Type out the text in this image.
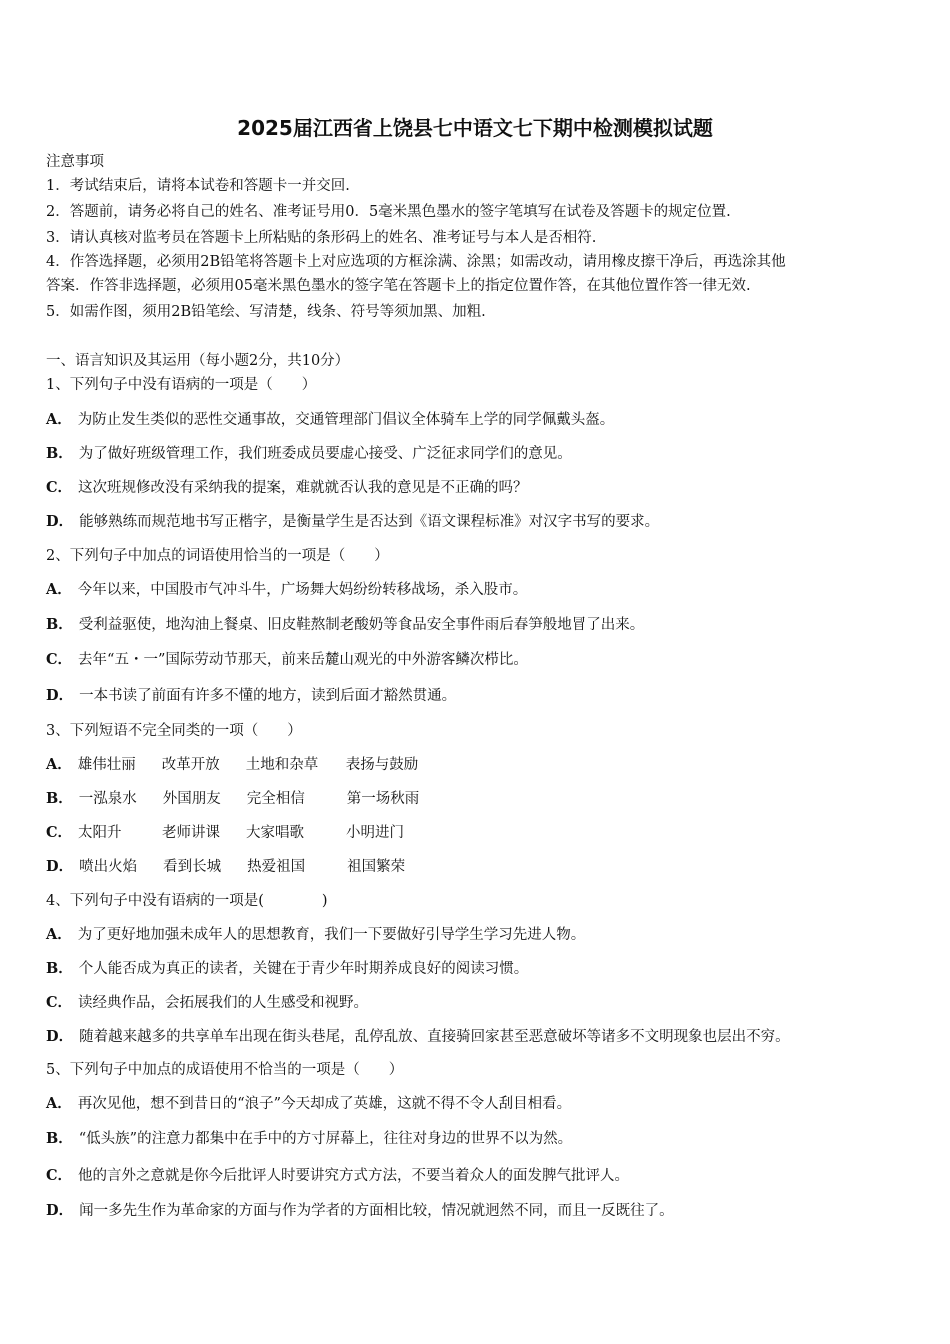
2025届江西省上饶县七中语文七下期中检测模拟试题
注意事项
1．考试结束后，请将本试卷和答题卡一并交回.
2．答题前，请务必将自己的姓名、准考证号用0．5毫米黑色墨水的签字笔填写在试卷及答题卡的规定位置.
3．请认真核对监考员在答题卡上所粘贴的条形码上的姓名、准考证号与本人是否相符.
4．作答选择题，必须用2B铅笔将答题卡上对应选项的方框涂满、涂黑；如需改动，请用橡皮擦干净后，再选涂其他
答案．作答非选择题，必须用05毫米黑色墨水的签字笔在答题卡上的指定位置作答，在其他位置作答一律无效.
5．如需作图，须用2B铅笔绘、写清楚，线条、符号等须加黑、加粗.
一、语言知识及其运用（每小题2分，共10分）
1、下列句子中没有语病的一项是（　　）
A． 为防止发生类似的恶性交通事故，交通管理部门倡议全体骑车上学的同学佩戴头盔。
B． 为了做好班级管理工作，我们班委成员要虚心接受、广泛征求同学们的意见。
C． 这次班规修改没有采纳我的提案，难就就否认我的意见是不正确的吗？
D． 能够熟练而规范地书写正楷字，是衡量学生是否达到《语文课程标准》对汉字书写的要求。
2、下列句子中加点的词语使用恰当的一项是（　　）
A． 今年以来，中国股市气冲斗牛，广场舞大妈纷纷转移战场，杀入股市。
B． 受利益驱使，地沟油上餐桌、旧皮鞋熬制老酸奶等食品安全事件雨后春笋般地冒了出来。
C． 去年“五・一”国际劳动节那天，前来岳麓山观光的中外游客鳞次栉比。
D． 一本书读了前面有许多不懂的地方，读到后面才豁然贯通。
3、下列短语不完全同类的一项（　　）
A． 雄伟壮丽 改革开放 土地和杂草 表扬与鼓励
B． 一泓泉水 外国朋友 完全相信	第一场秋雨
C． 太阳升	老师讲课 大家唱歌	小明进门
D． 喷出火焰 看到长城 热爱祖国	祖国繁荣
4、下列句子中没有语病的一项是(　　　　)
A． 为了更好地加强未成年人的思想教育，我们一下要做好引导学生学习先进人物。
B． 个人能否成为真正的读者，关键在于青少年时期养成良好的阅读习惯。
C． 读经典作品，会拓展我们的人生感受和视野。
D． 随着越来越多的共享单车出现在街头巷尾，乱停乱放、直接骑回家甚至恶意破坏等诸多不文明现象也层出不穷。
5、下列句子中加点的成语使用不恰当的一项是（　　）
A． 再次见他，想不到昔日的“浪子”今天却成了英雄，这就不得不令人刮目相看。
B． “低头族”的注意力都集中在手中的方寸屏幕上，往往对身边的世界不以为然。
C． 他的言外之意就是你今后批评人时要讲究方式方法，不要当着众人的面发脾气批评人。
D． 闻一多先生作为革命家的方面与作为学者的方面相比较，情况就迥然不同，而且一反既往了。
